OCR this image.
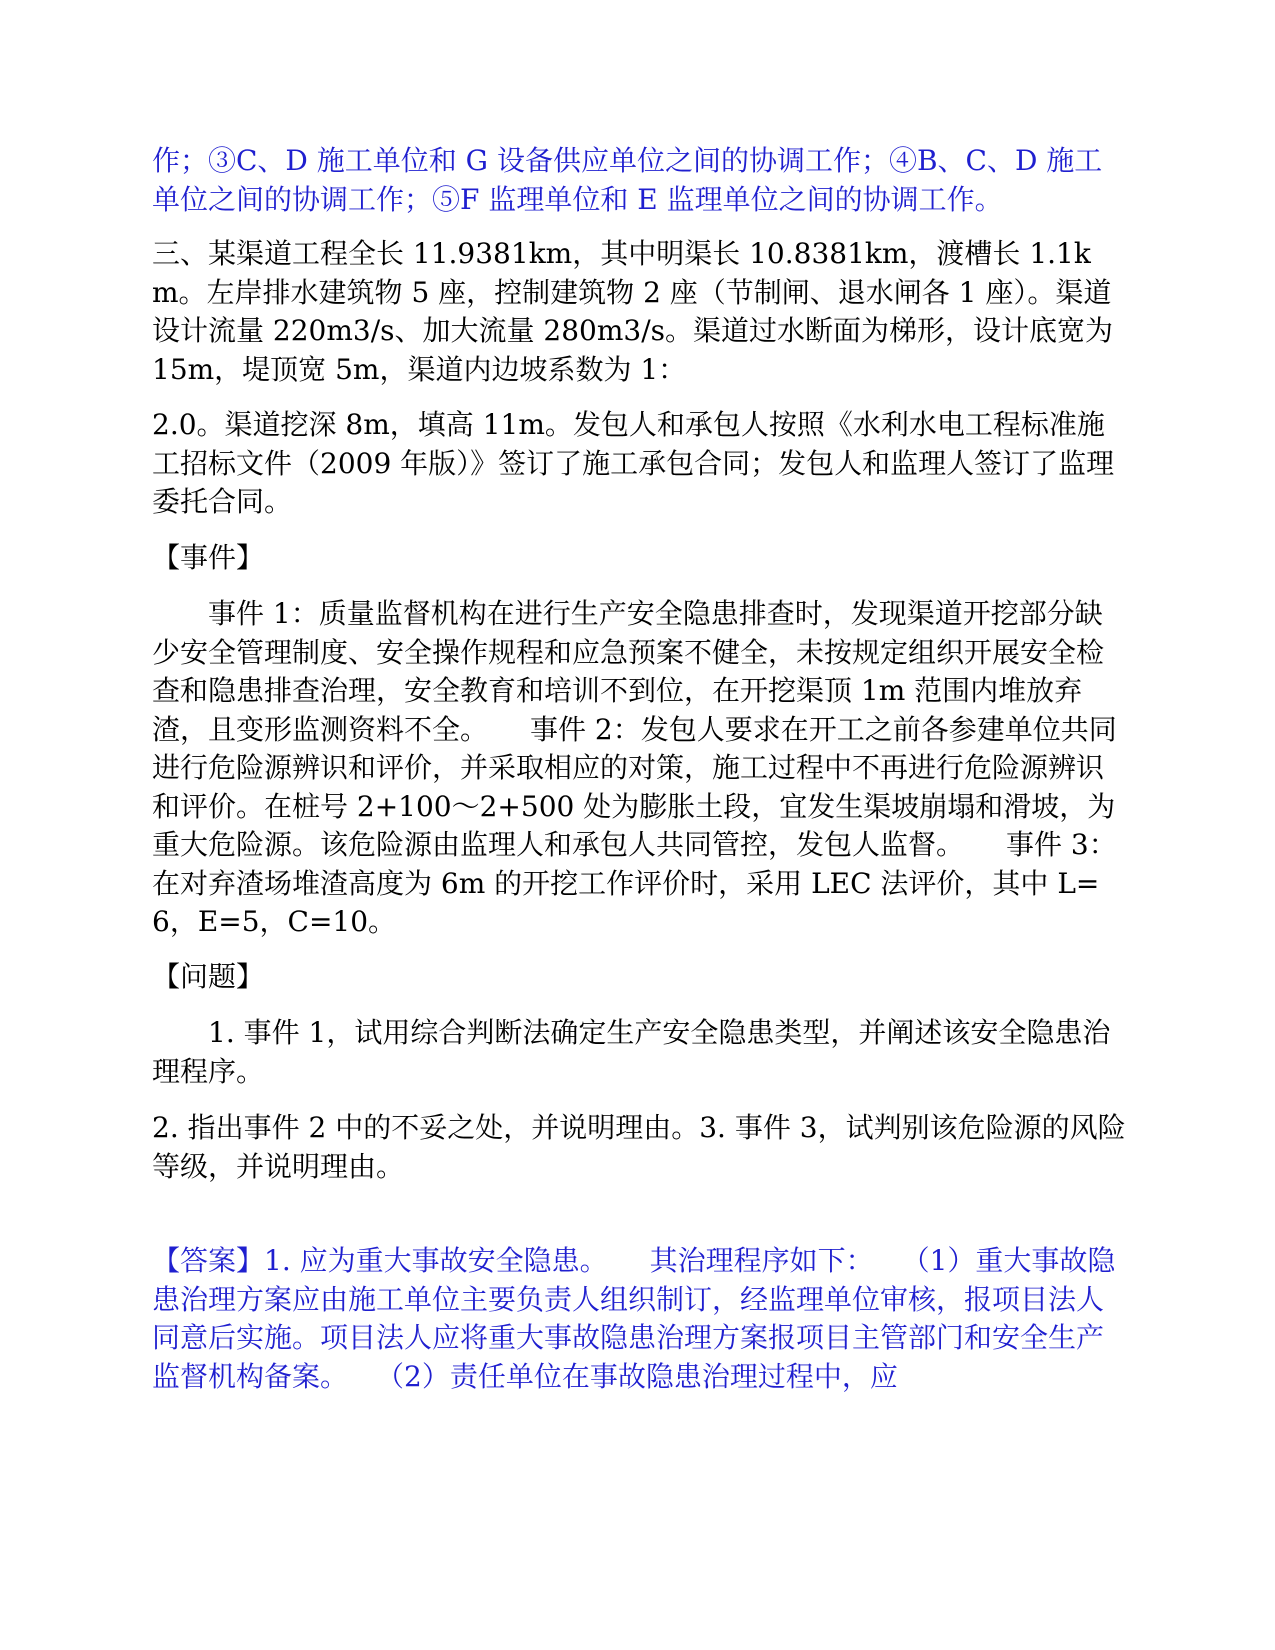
作；③C、D 施工单位和 G 设备供应单位之间的协调工作；④B、C、D 施工单位之间的协调工作；⑤F 监理单位和 E 监理单位之间的协调工作。

三、某渠道工程全长 11.9381km，其中明渠长 10.8381km，渡槽长 1.1km。左岸排水建筑物 5 座，控制建筑物 2 座（节制闸、退水闸各 1 座）。渠道设计流量 220m3/s、加大流量 280m3/s。渠道过水断面为梯形，设计底宽为 15m，堤顶宽 5m，渠道内边坡系数为 1：

2.0。渠道挖深 8m，填高 11m。发包人和承包人按照《水利水电工程标准施工招标文件（2009 年版）》签订了施工承包合同；发包人和监理人签订了监理委托合同。

【事件】

事件 1：质量监督机构在进行生产安全隐患排查时，发现渠道开挖部分缺少安全管理制度、安全操作规程和应急预案不健全，未按规定组织开展安全检查和隐患排查治理，安全教育和培训不到位，在开挖渠顶 1m 范围内堆放弃渣，且变形监测资料不全。　　事件 2：发包人要求在开工之前各参建单位共同进行危险源辨识和评价，并采取相应的对策，施工过程中不再进行危险源辨识和评价。在桩号 2+100～2+500 处为膨胀土段，宜发生渠坡崩塌和滑坡，为重大危险源。该危险源由监理人和承包人共同管控，发包人监督。　　事件 3：在对弃渣场堆渣高度为 6m 的开挖工作评价时，采用 LEC 法评价，其中 L=6，E=5，C=10。

【问题】

1. 事件 1，试用综合判断法确定生产安全隐患类型，并阐述该安全隐患治理程序。

2. 指出事件 2 中的不妥之处，并说明理由。3. 事件 3，试判别该危险源的风险等级，并说明理由。

【答案】1. 应为重大事故安全隐患。　　其治理程序如下：　　（1）重大事故隐患治理方案应由施工单位主要负责人组织制订，经监理单位审核，报项目法人同意后实施。项目法人应将重大事故隐患治理方案报项目主管部门和安全生产监督机构备案。　　（2）责任单位在事故隐患治理过程中，应
